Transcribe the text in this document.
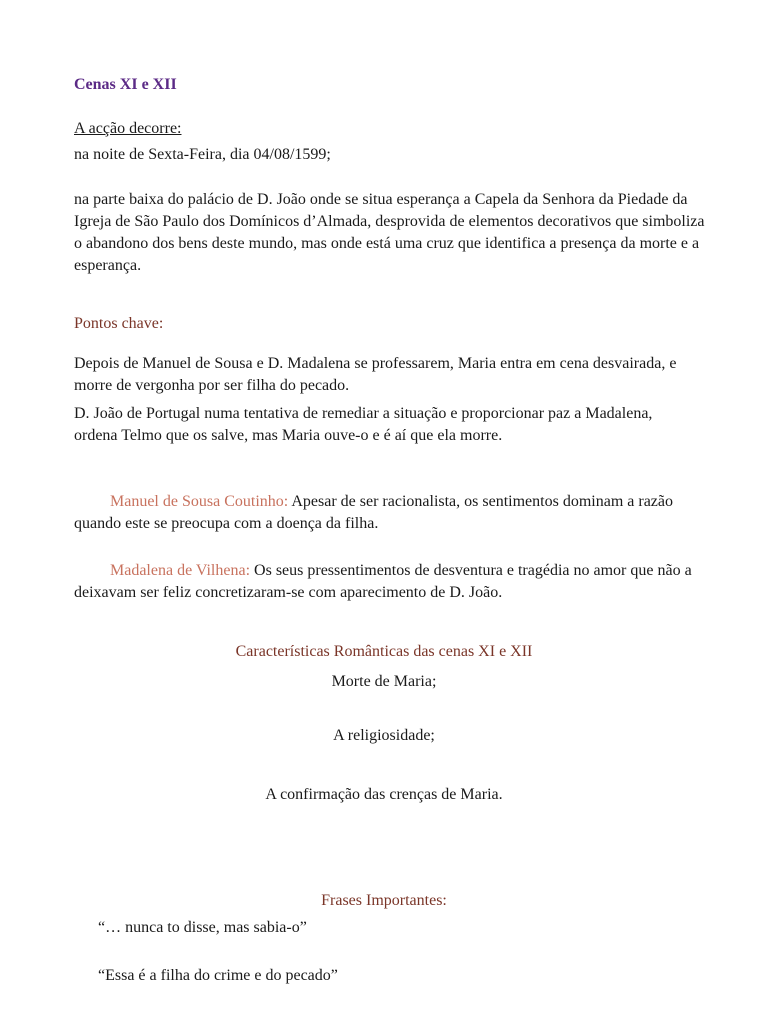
Cenas XI e XII

A acção decorre:

na noite de Sexta-Feira, dia 04/08/1599;

na parte baixa do palácio de D. João onde se situa esperança a Capela da Senhora da Piedade da Igreja de São Paulo dos Domínicos d’Almada, desprovida de elementos decorativos que simboliza o abandono dos bens deste mundo, mas onde está uma cruz que identifica a presença da morte e a esperança.

Pontos chave:

Depois de Manuel de Sousa e D. Madalena se professarem, Maria entra em cena desvairada, e morre de vergonha por ser filha do pecado.

D. João de Portugal numa tentativa de remediar a situação e proporcionar paz a Madalena, ordena Telmo que os salve, mas Maria ouve-o e é aí que ela morre.

Manuel de Sousa Coutinho: Apesar de ser racionalista, os sentimentos dominam a razão quando este se preocupa com a doença da filha.

Madalena de Vilhena: Os seus pressentimentos de desventura e tragédia no amor que não a deixavam ser feliz concretizaram-se com aparecimento de D. João.

Características Românticas das cenas XI e XII

Morte de Maria;

A religiosidade;

A confirmação das crenças de Maria.

Frases Importantes:

“… nunca to disse, mas sabia-o”

“Essa é a filha do crime e do pecado”
